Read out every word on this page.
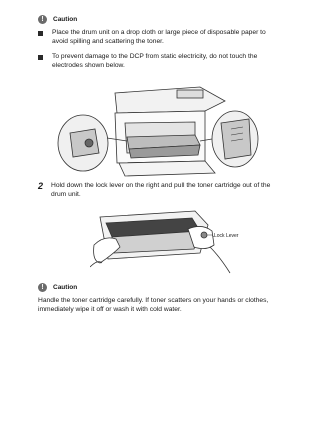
!	Caution
Place the drum unit on a drop cloth or large piece of disposable paper to avoid spilling and scattering the toner.
To prevent damage to the DCP from static electricity, do not touch the electrodes shown below.
2	Hold down the lock lever on the right and pull the toner cartridge out of the drum unit.
Lock Lever
!	Caution
Handle the toner cartridge carefully. If toner scatters on your hands or clothes, immediately wipe it off or wash it with cold water.
